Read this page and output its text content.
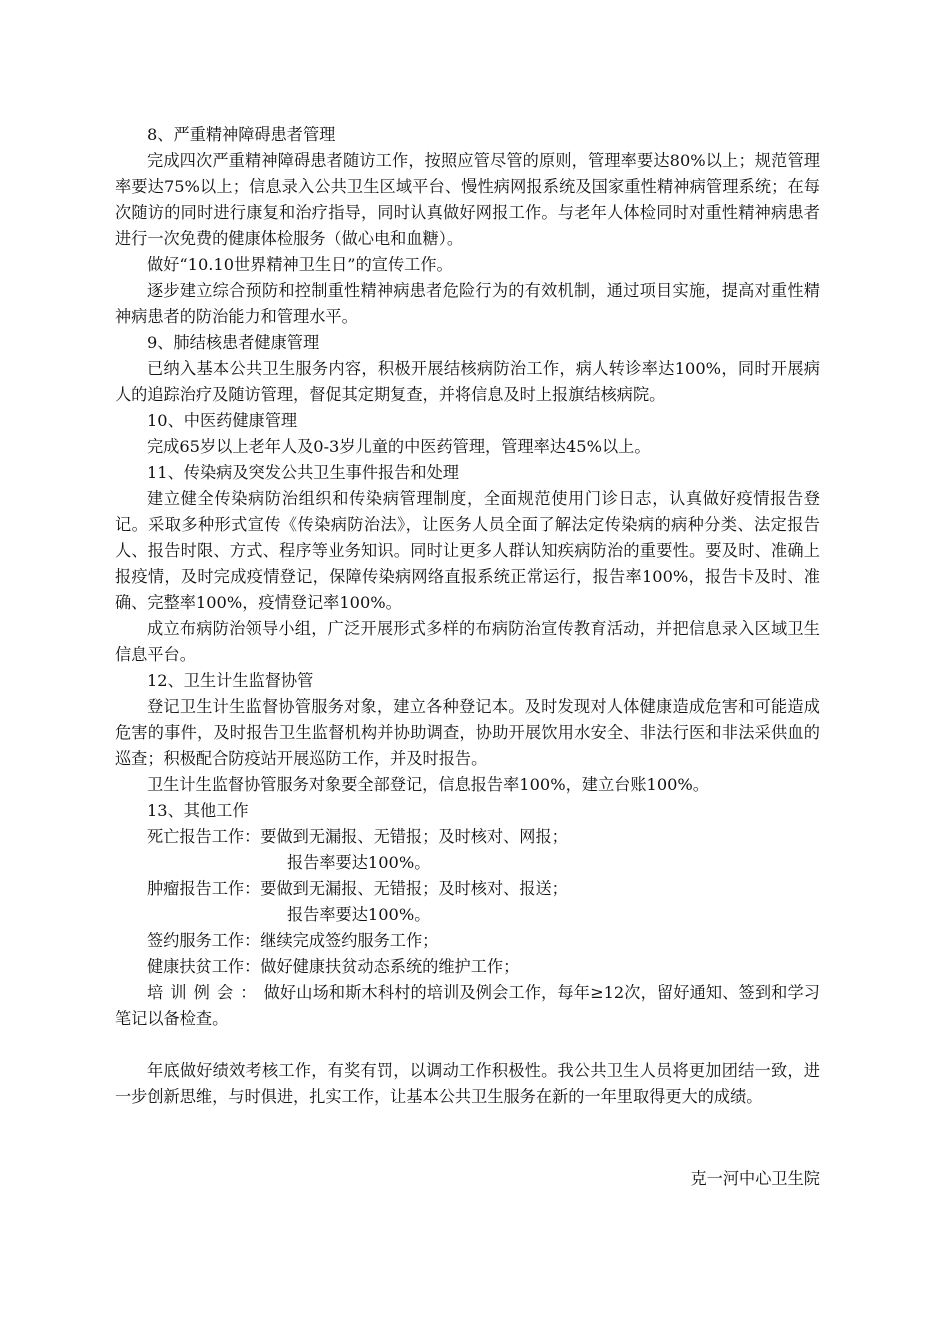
8、严重精神障碍患者管理

完成四次严重精神障碍患者随访工作，按照应管尽管的原则，管理率要达80%以上；规范管理率要达75%以上；信息录入公共卫生区域平台、慢性病网报系统及国家重性精神病管理系统；在每次随访的同时进行康复和治疗指导，同时认真做好网报工作。与老年人体检同时对重性精神病患者进行一次免费的健康体检服务（做心电和血糖）。

做好“10.10世界精神卫生日”的宣传工作。

逐步建立综合预防和控制重性精神病患者危险行为的有效机制，通过项目实施，提高对重性精神病患者的防治能力和管理水平。

9、肺结核患者健康管理

已纳入基本公共卫生服务内容，积极开展结核病防治工作，病人转诊率达100%，同时开展病人的追踪治疗及随访管理，督促其定期复查，并将信息及时上报旗结核病院。

10、中医药健康管理

完成65岁以上老年人及0-3岁儿童的中医药管理，管理率达45%以上。

11、传染病及突发公共卫生事件报告和处理

建立健全传染病防治组织和传染病管理制度，全面规范使用门诊日志，认真做好疫情报告登记。采取多种形式宣传《传染病防治法》，让医务人员全面了解法定传染病的病种分类、法定报告人、报告时限、方式、程序等业务知识。同时让更多人群认知疾病防治的重要性。要及时、准确上报疫情，及时完成疫情登记，保障传染病网络直报系统正常运行，报告率100%，报告卡及时、准确、完整率100%，疫情登记率100%。

成立布病防治领导小组，广泛开展形式多样的布病防治宣传教育活动，并把信息录入区域卫生信息平台。

12、卫生计生监督协管

登记卫生计生监督协管服务对象，建立各种登记本。及时发现对人体健康造成危害和可能造成危害的事件，及时报告卫生监督机构并协助调查，协助开展饮用水安全、非法行医和非法采供血的巡查；积极配合防疫站开展巡防工作，并及时报告。

卫生计生监督协管服务对象要全部登记，信息报告率100%，建立台账100%。

13、其他工作

死亡报告工作：要做到无漏报、无错报；及时核对、网报；

报告率要达100%。

肿瘤报告工作：要做到无漏报、无错报；及时核对、报送；

报告率要达100%。

签约服务工作：继续完成签约服务工作；

健康扶贫工作：做好健康扶贫动态系统的维护工作；

培训例会：做好山场和斯木科村的培训及例会工作，每年≥12次，留好通知、签到和学习笔记以备检查。

年底做好绩效考核工作，有奖有罚，以调动工作积极性。我公共卫生人员将更加团结一致，进一步创新思维，与时俱进，扎实工作，让基本公共卫生服务在新的一年里取得更大的成绩。

克一河中心卫生院
